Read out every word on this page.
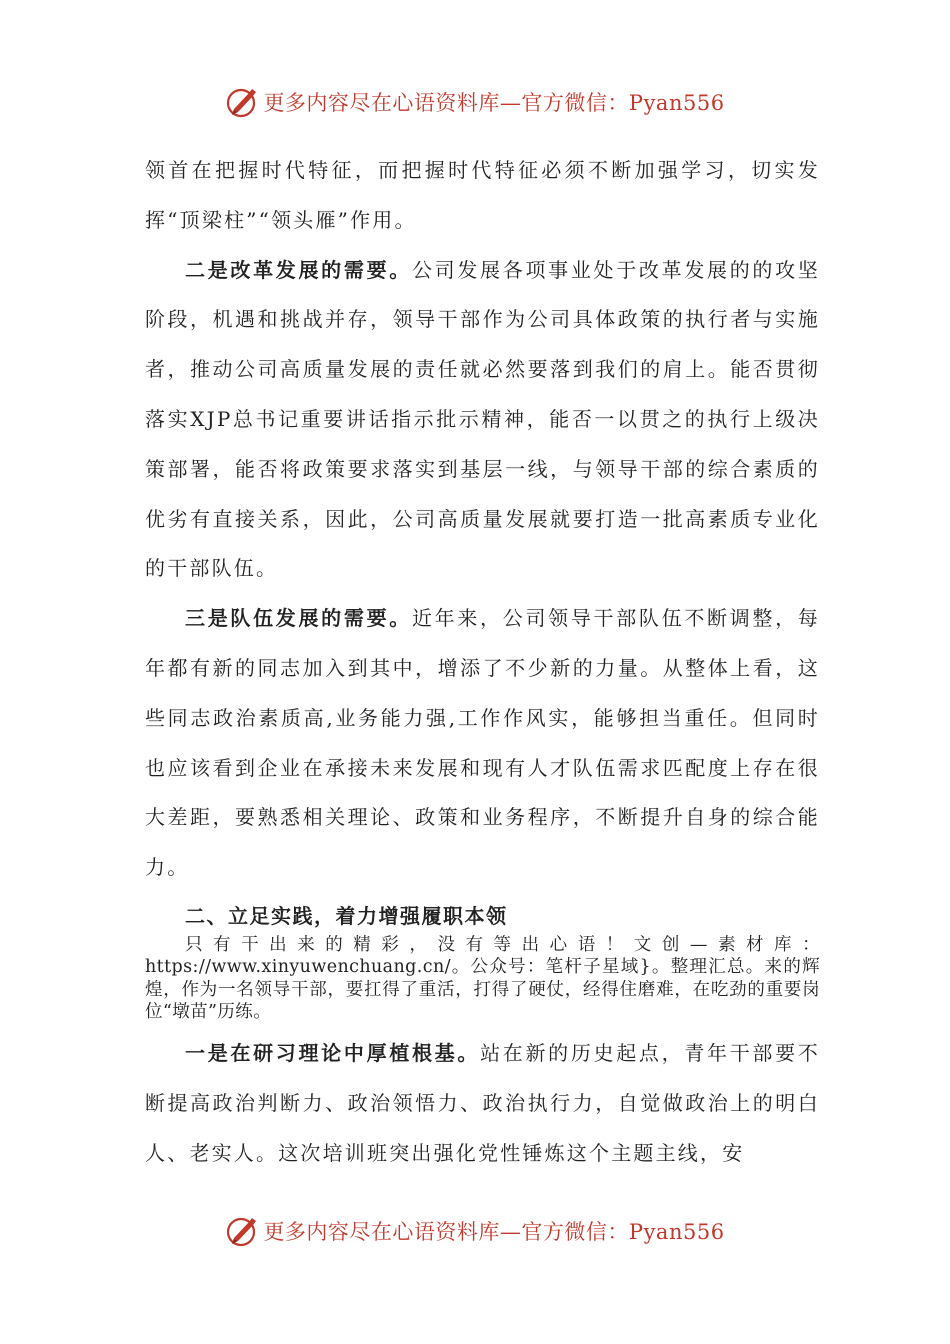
更多内容尽在心语资料库—官方微信：Pyan556

领首在把握时代特征，而把握时代特征必须不断加强学习，切实发挥“顶梁柱”“领头雁”作用。

二是改革发展的需要。公司发展各项事业处于改革发展的的攻坚阶段，机遇和挑战并存，领导干部作为公司具体政策的执行者与实施者，推动公司高质量发展的责任就必然要落到我们的肩上。能否贯彻落实XJP总书记重要讲话指示批示精神，能否一以贯之的执行上级决策部署，能否将政策要求落实到基层一线，与领导干部的综合素质的优劣有直接关系，因此，公司高质量发展就要打造一批高素质专业化的干部队伍。

三是队伍发展的需要。近年来，公司领导干部队伍不断调整，每年都有新的同志加入到其中，增添了不少新的力量。从整体上看，这些同志政治素质高,业务能力强,工作作风实，能够担当重任。但同时也应该看到企业在承接未来发展和现有人才队伍需求匹配度上存在很大差距，要熟悉相关理论、政策和业务程序，不断提升自身的综合能力。

二、立足实践，着力增强履职本领

只有干出来的精彩，没有等出心语！文创—素材库：https://www.xinyuwenchuang.cn/。公众号：笔杆子星域}。整理汇总。来的辉煌，作为一名领导干部，要扛得了重活，打得了硬仗，经得住磨难，在吃劲的重要岗位“墩苗”历练。

一是在研习理论中厚植根基。站在新的历史起点，青年干部要不断提高政治判断力、政治领悟力、政治执行力，自觉做政治上的明白人、老实人。这次培训班突出强化党性锤炼这个主题主线，安

更多内容尽在心语资料库—官方微信：Pyan556
